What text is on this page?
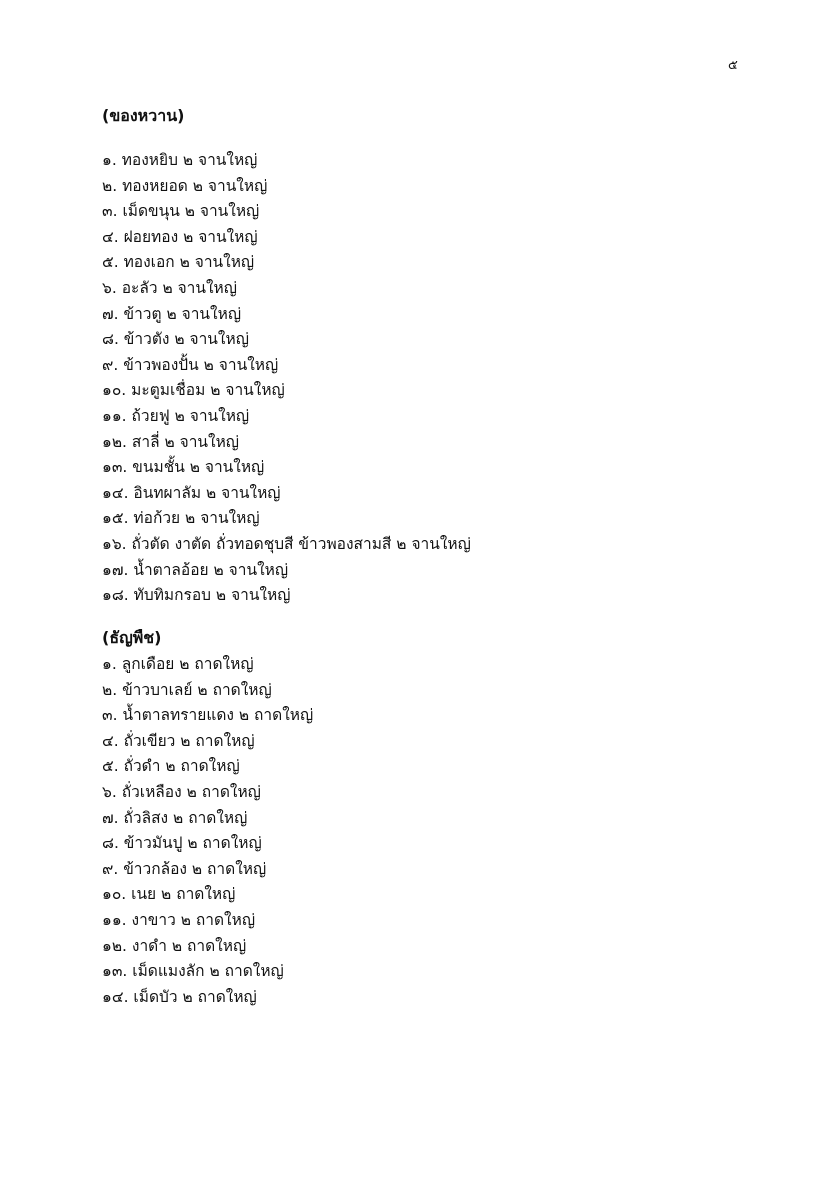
๕
(ของหวาน)
๑. ทองหยิบ ๒ จานใหญ่
๒. ทองหยอด ๒ จานใหญ่
๓. เม็ดขนุน ๒ จานใหญ่
๔. ฝอยทอง ๒ จานใหญ่
๕. ทองเอก ๒ จานใหญ่
๖. อะลัว ๒ จานใหญ่
๗. ข้าวตู ๒ จานใหญ่
๘. ข้าวตัง ๒ จานใหญ่
๙. ข้าวพองปั้น ๒ จานใหญ่
๑๐. มะตูมเชื่อม ๒ จานใหญ่
๑๑. ถ้วยฟู ๒ จานใหญ่
๑๒. สาลี่ ๒ จานใหญ่
๑๓. ขนมชั้น ๒ จานใหญ่
๑๔. อินทผาลัม ๒ จานใหญ่
๑๕. ท่อก้วย ๒ จานใหญ่
๑๖. ถั่วตัด งาตัด ถั่วทอดชุบสี ข้าวพองสามสี ๒ จานใหญ่
๑๗. น้ำตาลอ้อย ๒ จานใหญ่
๑๘. ทับทิมกรอบ ๒ จานใหญ่
(ธัญพืช)
๑. ลูกเดือย ๒ ถาดใหญ่
๒. ข้าวบาเลย์ ๒ ถาดใหญ่
๓. น้ำตาลทรายแดง ๒ ถาดใหญ่
๔. ถั่วเขียว ๒ ถาดใหญ่
๕. ถั่วดำ ๒ ถาดใหญ่
๖. ถั่วเหลือง ๒ ถาดใหญ่
๗. ถั่วลิสง ๒ ถาดใหญ่
๘. ข้าวมันปู ๒ ถาดใหญ่
๙. ข้าวกล้อง ๒ ถาดใหญ่
๑๐. เนย ๒ ถาดใหญ่
๑๑. งาขาว ๒ ถาดใหญ่
๑๒. งาดำ ๒ ถาดใหญ่
๑๓. เม็ดแมงลัก ๒ ถาดใหญ่
๑๔. เม็ดบัว ๒ ถาดใหญ่
